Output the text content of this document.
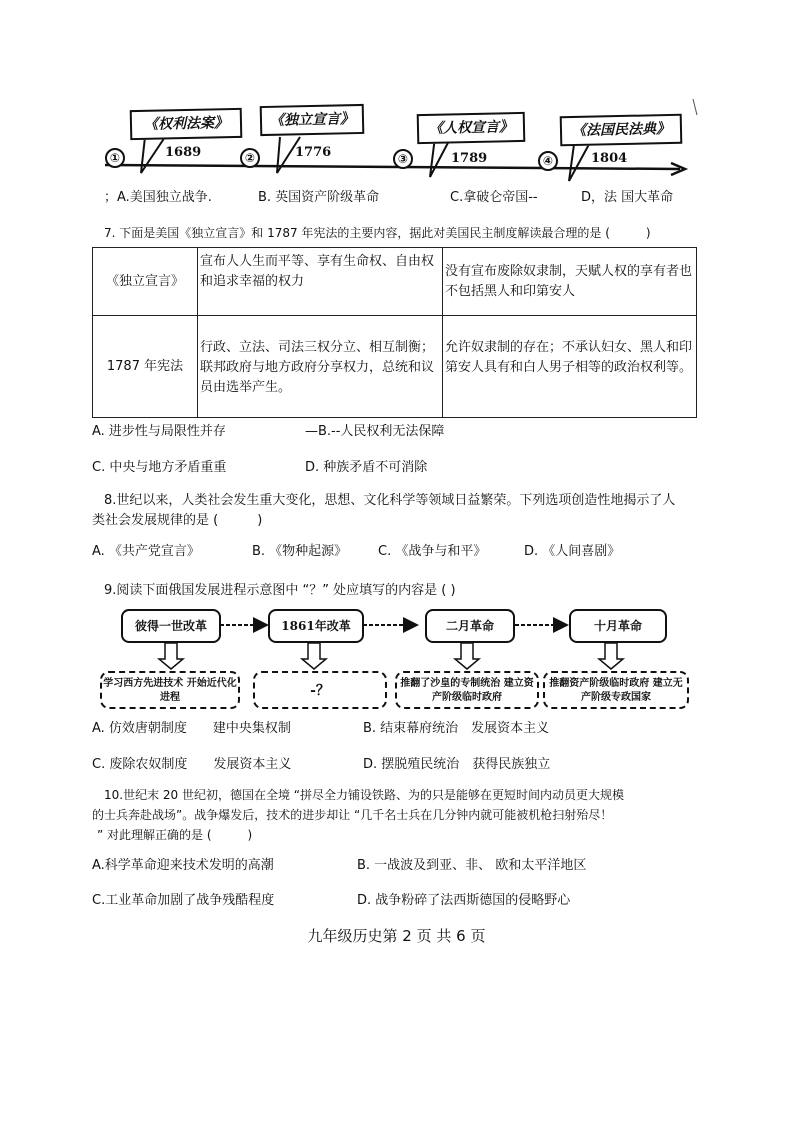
①
《权利法案》
1689	②
《独立宣言》
1776	③
《人权宣言》
1789	④
《法国民法典》
1804
；A.美国独立战争.	B. 英国资产阶级革命	C.拿破仑帝国--	D，法 国大革命
7. 下面是美国《独立宣言》和 1787 年宪法的主要内容，据此对美国民主制度解读最合理的是 (　　　)
《独立宣言》	宣布人人生而平等、享有生命权、自由权和追求幸福的权力	没有宣布废除奴隶制，天赋人权的享有者也不包括黑人和印第安人
1787 年宪法	行政、立法、司法三权分立、相互制衡；联邦政府与地方政府分享权力，总统和议员由选举产生。	允许奴隶制的存在；不承认妇女、黑人和印第安人具有和白人男子相等的政治权利等。
A. 进步性与局限性并存	—B.--人民权利无法保障
C. 中央与地方矛盾重重	D. 种族矛盾不可消除
8.世纪以来，人类社会发生重大变化，思想、文化科学等领域日益繁荣。下列选项创造性地揭示了人
类社会发展规律的是 (　　　)
A. 《共产党宣言》	B. 《物种起源》 C. 《战争与和平》	D. 《人间喜剧》
9.阅读下面俄国发展进程示意图中 “？” 处应填写的内容是 ( )
彼得一世改革	1861年改革	二月革命	十月革命
学习西方先进技术 开始近代化进程	-？	推翻了沙皇的专制统治 建立资产阶级临时政府
推翻资产阶级临时政府 建立无产阶级专政国家
A. 仿效唐朝制度　　建中央集权制	B. 结束幕府统治　发展资本主义
C. 废除农奴制度　　发展资本主义	D. 摆脱殖民统治　获得民族独立
10.世纪末 20 世纪初，德国在全境 “拼尽全力铺设铁路、为的只是能够在更短时间内动员更大规模
的士兵奔赴战场”。战争爆发后，技术的进步却让 “几千名士兵在几分钟内就可能被机枪扫射殆尽！
” 对此理解正确的是 (　　　)
A.科学革命迎来技术发明的高潮	B. 一战波及到亚、非、 欧和太平洋地区
C.工业革命加剧了战争残酷程度	D. 战争粉碎了法西斯德国的侵略野心
九年级历史第 2 页 共 6 页
